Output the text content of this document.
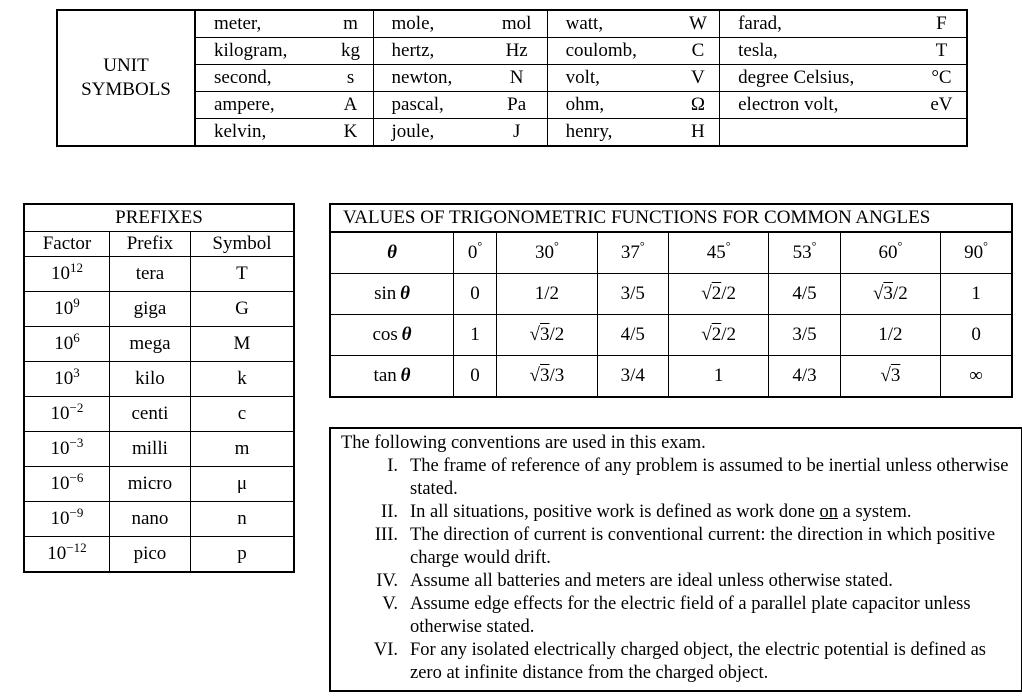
UNIT
SYMBOLS	meter,	m	mole,	mol	watt,	W	farad,	F
	kilogram,	kg	hertz,	Hz	coulomb,	C	tesla,	T
	second,	s	newton,	N	volt,	V	degree Celsius,	°C
	ampere,	A	pascal,	Pa	ohm,	Ω	electron volt,	eV
	kelvin,	K	joule,	J	henry,	H		
PREFIXES		
Factor	Prefix	Symbol
$10^{12}$	tera	T
$10^9$	giga	G
$10^6$	mega	M
$10^3$	kilo	k
$10^{-2}$	centi	c
$10^{-3}$	milli	m
$10^{-6}$	micro	μ
$10^{-9}$	nano	n
$10^{-12}$	pico	p
VALUES OF TRIGONOMETRIC FUNCTIONS FOR COMMON ANGLES							
θ	0°	30°	37°	45°	53°	60°	90°
sin  θ	0	1/2	3/5	√2/2	4/5	√3/2	1
cos  θ	1	√3/2	4/5	√2/2	3/5	1/2	0
tan  θ	0	√3/3	3/4	1	4/3	√3	∞
The following conventions are used in this exam.
I. The frame of reference of any problem is assumed to be inertial unless otherwise stated.
II. In all situations, positive work is defined as work done on a system.
III. The direction of current is conventional current: the direction in which positive charge would drift.
IV. Assume all batteries and meters are ideal unless otherwise stated.
V. Assume edge effects for the electric field of a parallel plate capacitor unless otherwise stated.
VI. For any isolated electrically charged object, the electric potential is defined as zero at infinite distance from the charged object.
